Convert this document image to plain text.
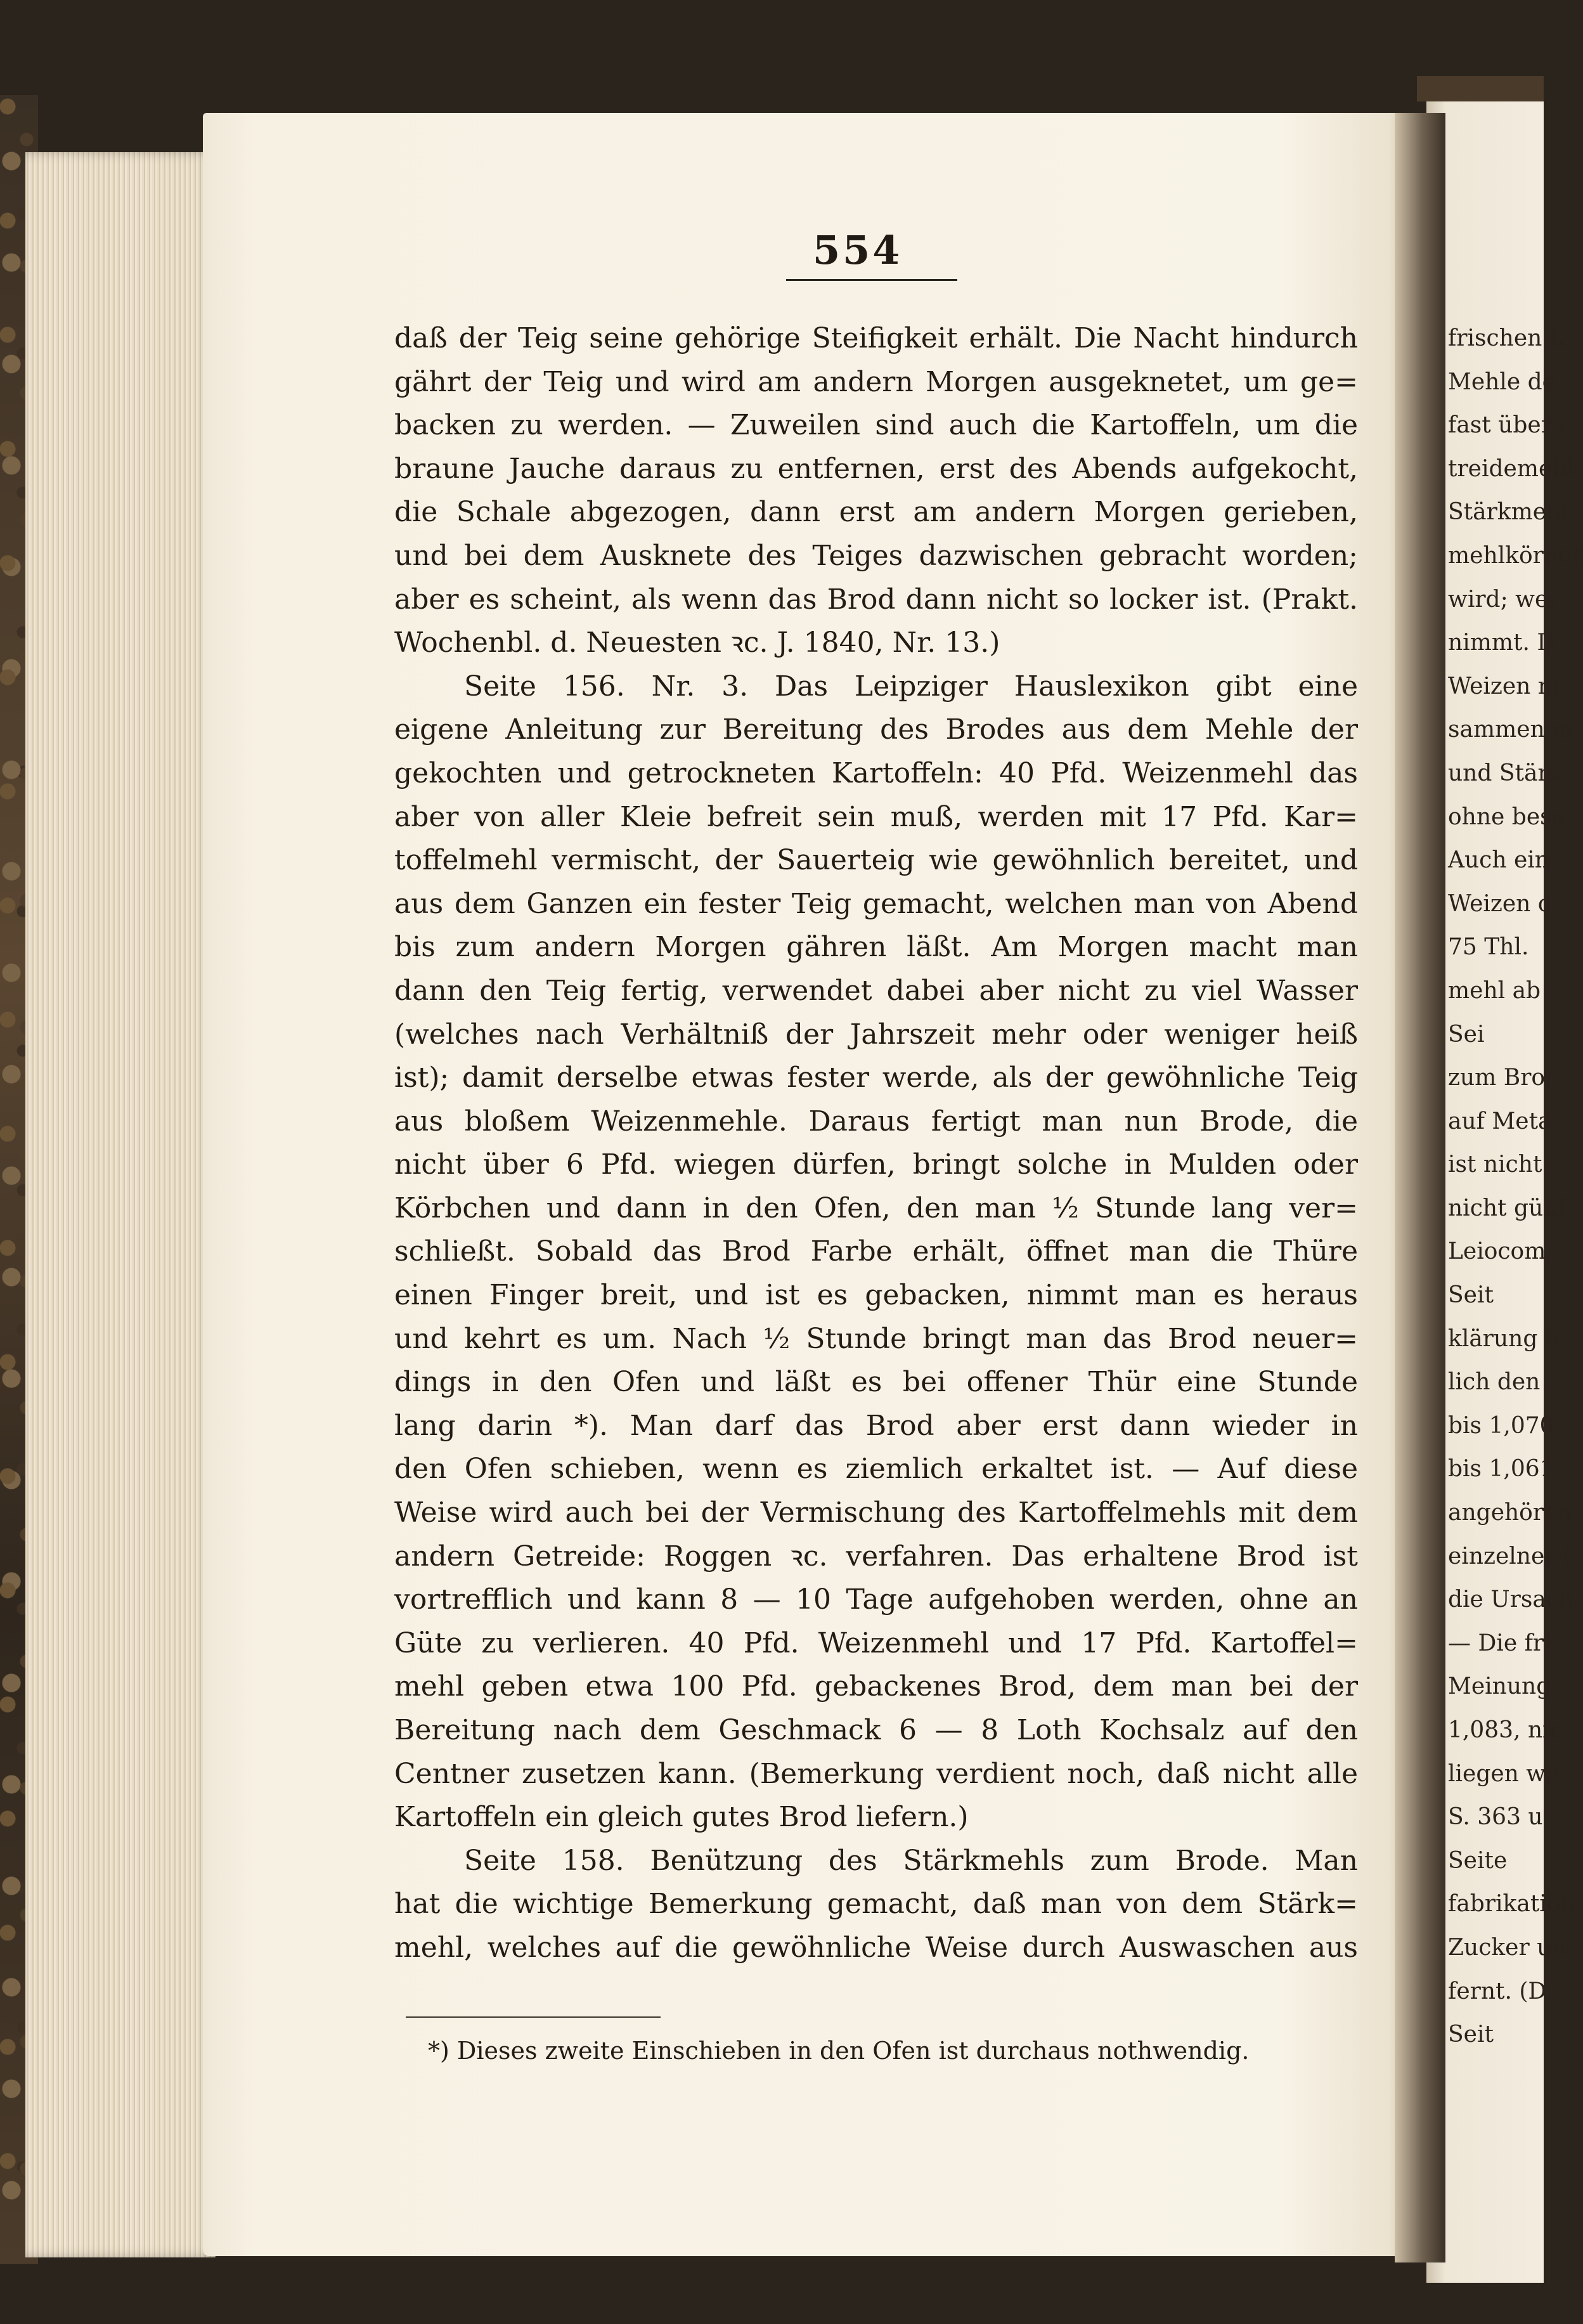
554
daß der Teig seine gehörige Steifigkeit erhält. Die Nacht hindurch
gährt der Teig und wird am andern Morgen ausgeknetet, um ge=
backen zu werden. — Zuweilen sind auch die Kartoffeln, um die
braune Jauche daraus zu entfernen, erst des Abends aufgekocht,
die Schale abgezogen, dann erst am andern Morgen gerieben,
und bei dem Ausknete des Teiges dazwischen gebracht worden;
aber es scheint, als wenn das Brod dann nicht so locker ist. (Prakt.
Wochenbl. d. Neuesten ꝛc. J. 1840, Nr. 13.)
Seite 156. Nr. 3. Das Leipziger Hauslexikon gibt eine
eigene Anleitung zur Bereitung des Brodes aus dem Mehle der
gekochten und getrockneten Kartoffeln: 40 Pfd. Weizenmehl das
aber von aller Kleie befreit sein muß, werden mit 17 Pfd. Kar=
toffelmehl vermischt, der Sauerteig wie gewöhnlich bereitet, und
aus dem Ganzen ein fester Teig gemacht, welchen man von Abend
bis zum andern Morgen gähren läßt. Am Morgen macht man
dann den Teig fertig, verwendet dabei aber nicht zu viel Wasser
(welches nach Verhältniß der Jahrszeit mehr oder weniger heiß
ist); damit derselbe etwas fester werde, als der gewöhnliche Teig
aus bloßem Weizenmehle. Daraus fertigt man nun Brode, die
nicht über 6 Pfd. wiegen dürfen, bringt solche in Mulden oder
Körbchen und dann in den Ofen, den man ½ Stunde lang ver=
schließt. Sobald das Brod Farbe erhält, öffnet man die Thüre
einen Finger breit, und ist es gebacken, nimmt man es heraus
und kehrt es um. Nach ½ Stunde bringt man das Brod neuer=
dings in den Ofen und läßt es bei offener Thür eine Stunde
lang darin *). Man darf das Brod aber erst dann wieder in
den Ofen schieben, wenn es ziemlich erkaltet ist. — Auf diese
Weise wird auch bei der Vermischung des Kartoffelmehls mit dem
andern Getreide: Roggen ꝛc. verfahren. Das erhaltene Brod ist
vortrefflich und kann 8 — 10 Tage aufgehoben werden, ohne an
Güte zu verlieren. 40 Pfd. Weizenmehl und 17 Pfd. Kartoffel=
mehl geben etwa 100 Pfd. gebackenes Brod, dem man bei der
Bereitung nach dem Geschmack 6 — 8 Loth Kochsalz auf den
Centner zusetzen kann. (Bemerkung verdient noch, daß nicht alle
Kartoffeln ein gleich gutes Brod liefern.)
Seite 158. Benützung des Stärkmehls zum Brode. Man
hat die wichtige Bemerkung gemacht, daß man von dem Stärk=
mehl, welches auf die gewöhnliche Weise durch Auswaschen aus
*) Dieses zweite Einschieben in den Ofen ist durchaus nothwendig.
frischen K
Mehle de
fast übere
treidemehl
Stärkmehl
mehlkörner
wird; wei
nimmt. D
Weizen m
sammen m
und Stärk
ohne beso
Auch ein
Weizen c
75 Thl.
mehl ab
Sei
zum Bro
auf Meta
ist nicht
nicht günf
Leiocom
Seit
klärung li
lich den
bis 1,070
bis 1,061
angehören
einzelner (
die Ursach
— Die fr
Meinung,
1,083, nic
liegen wei
S. 363 u
Seite
fabrikation
Zucker un
fernt. (D
Seit
